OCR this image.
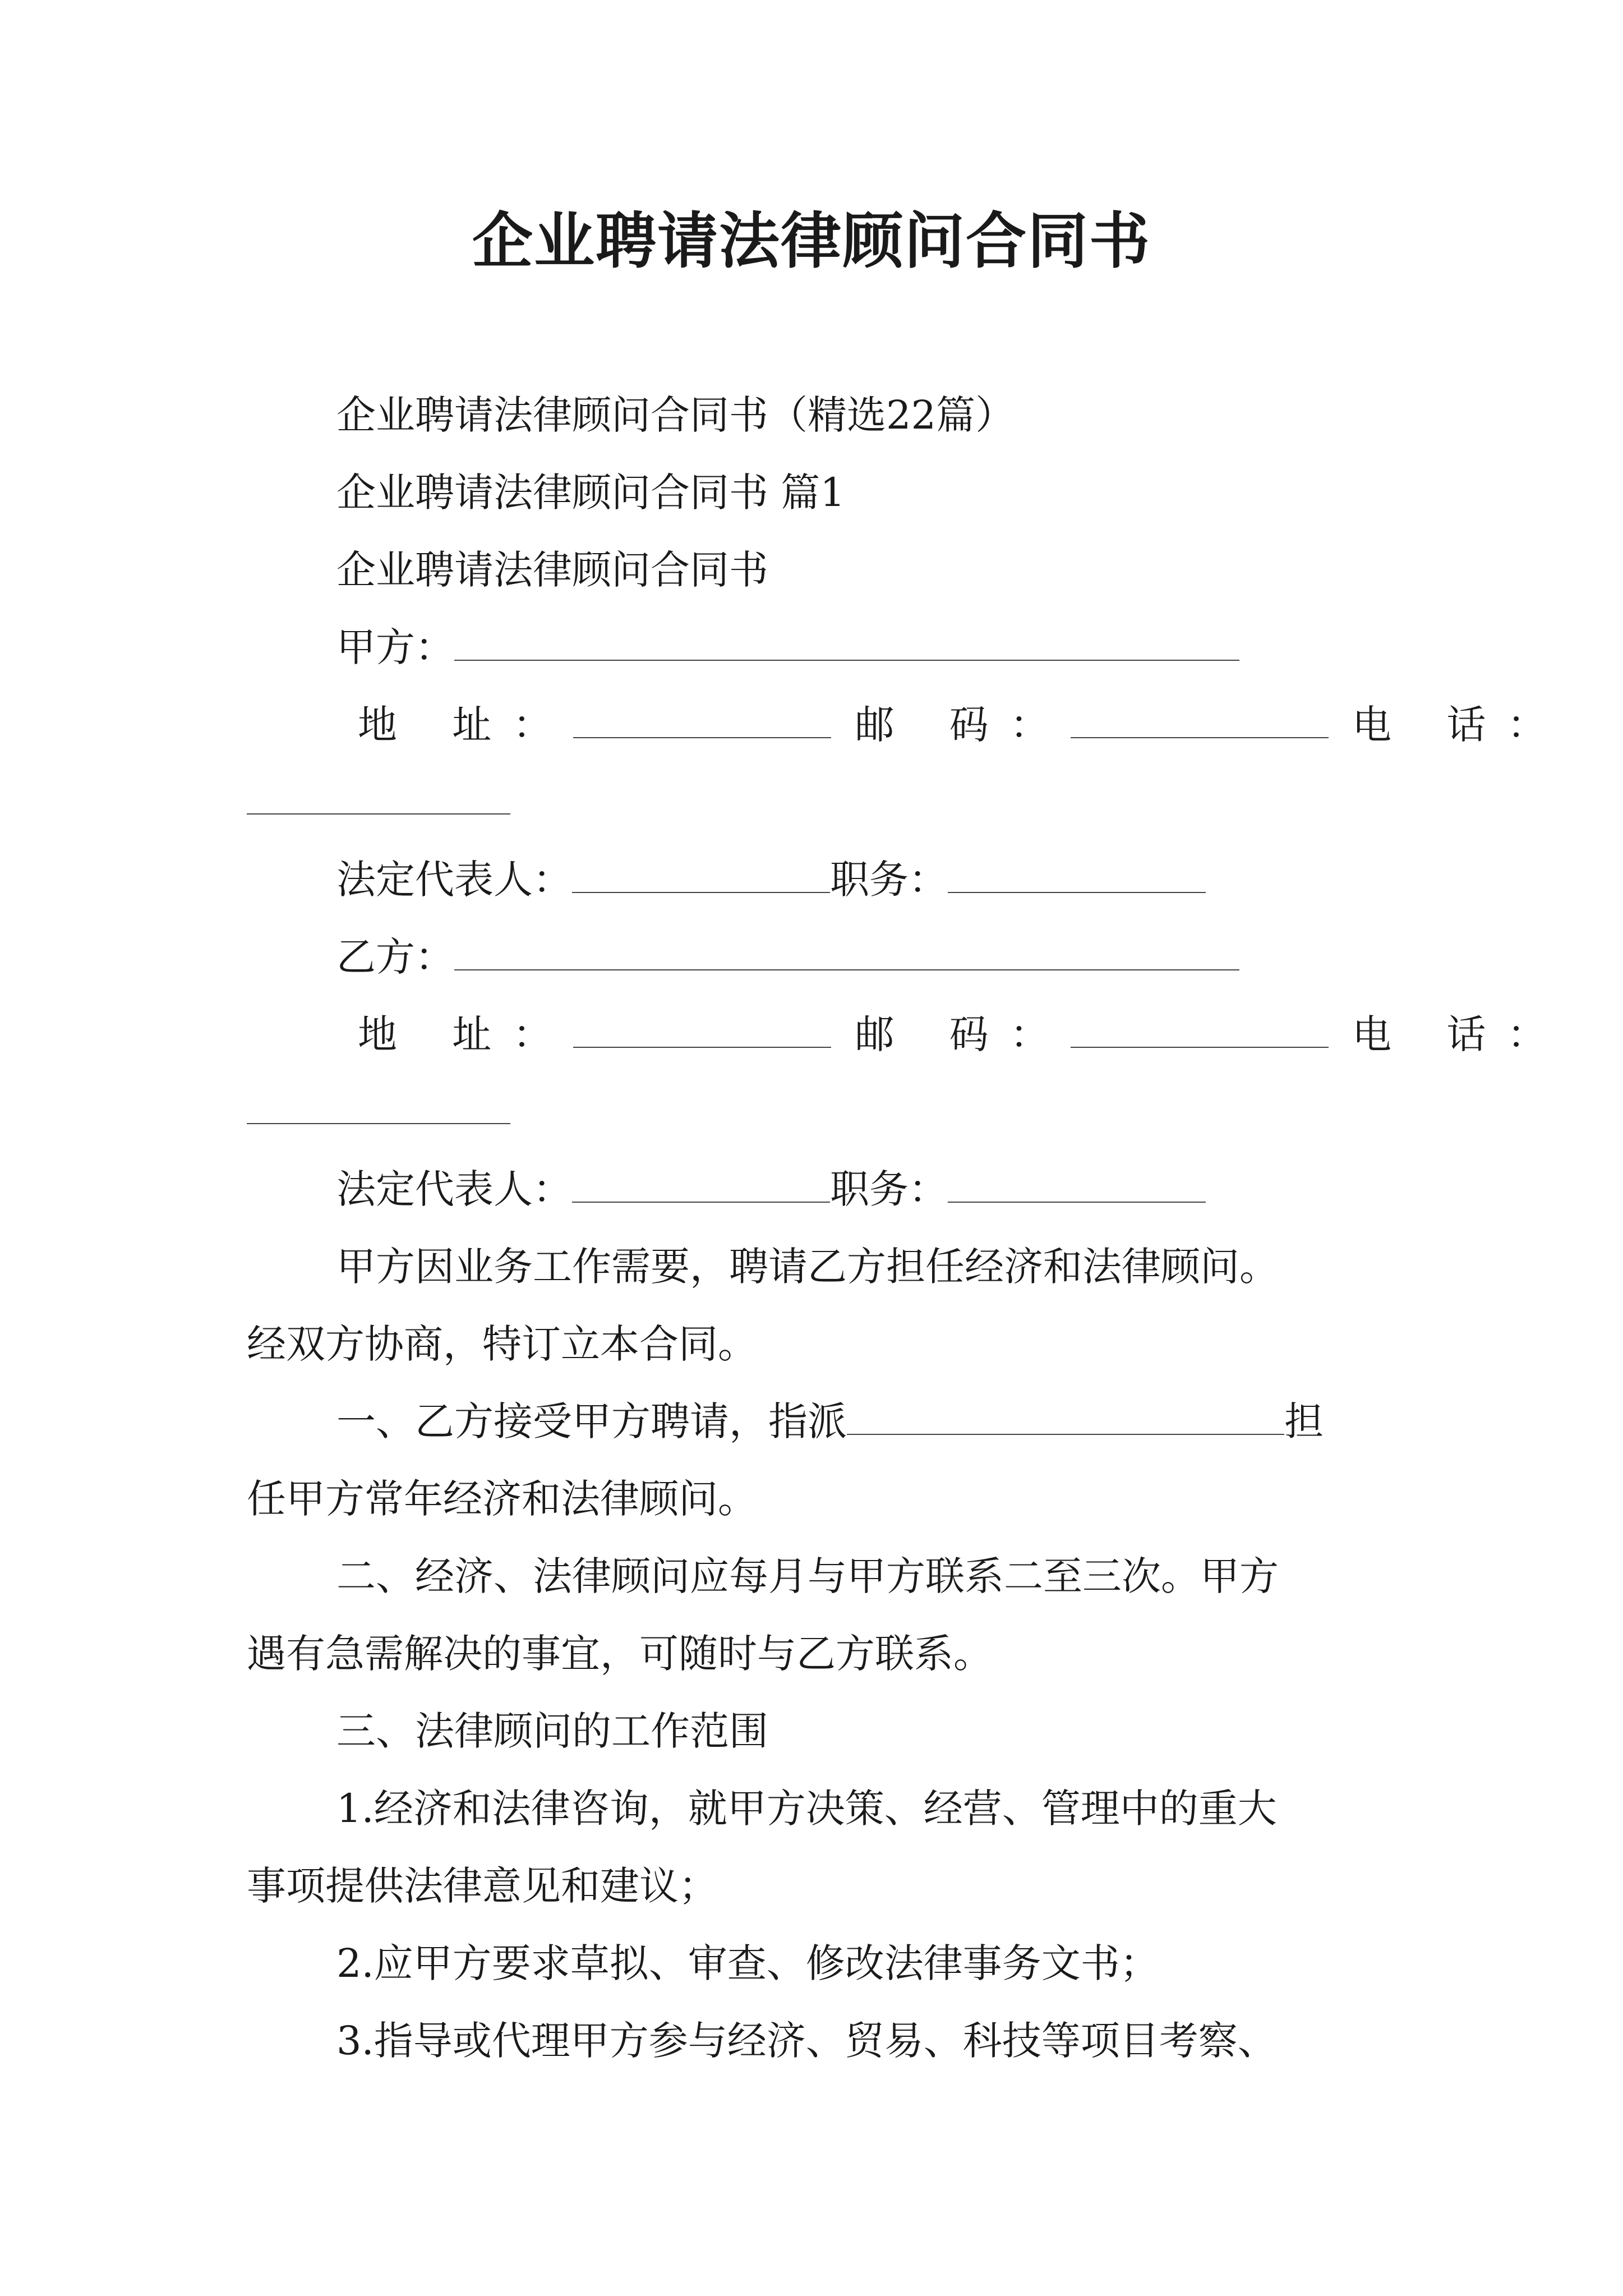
企业聘请法律顾问合同书
企业聘请法律顾问合同书（精选22篇）
企业聘请法律顾问合同书 篇1
企业聘请法律顾问合同书
甲方：
地 址：	邮 码：	电 话：
法定代表人：	职务：
乙方：
地 址：	邮 码：	电 话：
法定代表人：	职务：
甲方因业务工作需要，聘请乙方担任经济和法律顾问。
经双方协商，特订立本合同。
一、乙方接受甲方聘请，指派	担
任甲方常年经济和法律顾问。
二、经济、法律顾问应每月与甲方联系二至三次。甲方
遇有急需解决的事宜，可随时与乙方联系。
三、法律顾问的工作范围
1.经济和法律咨询，就甲方决策、经营、管理中的重大
事项提供法律意见和建议；
2.应甲方要求草拟、审查、修改法律事务文书；
3.指导或代理甲方参与经济、贸易、科技等项目考察、
